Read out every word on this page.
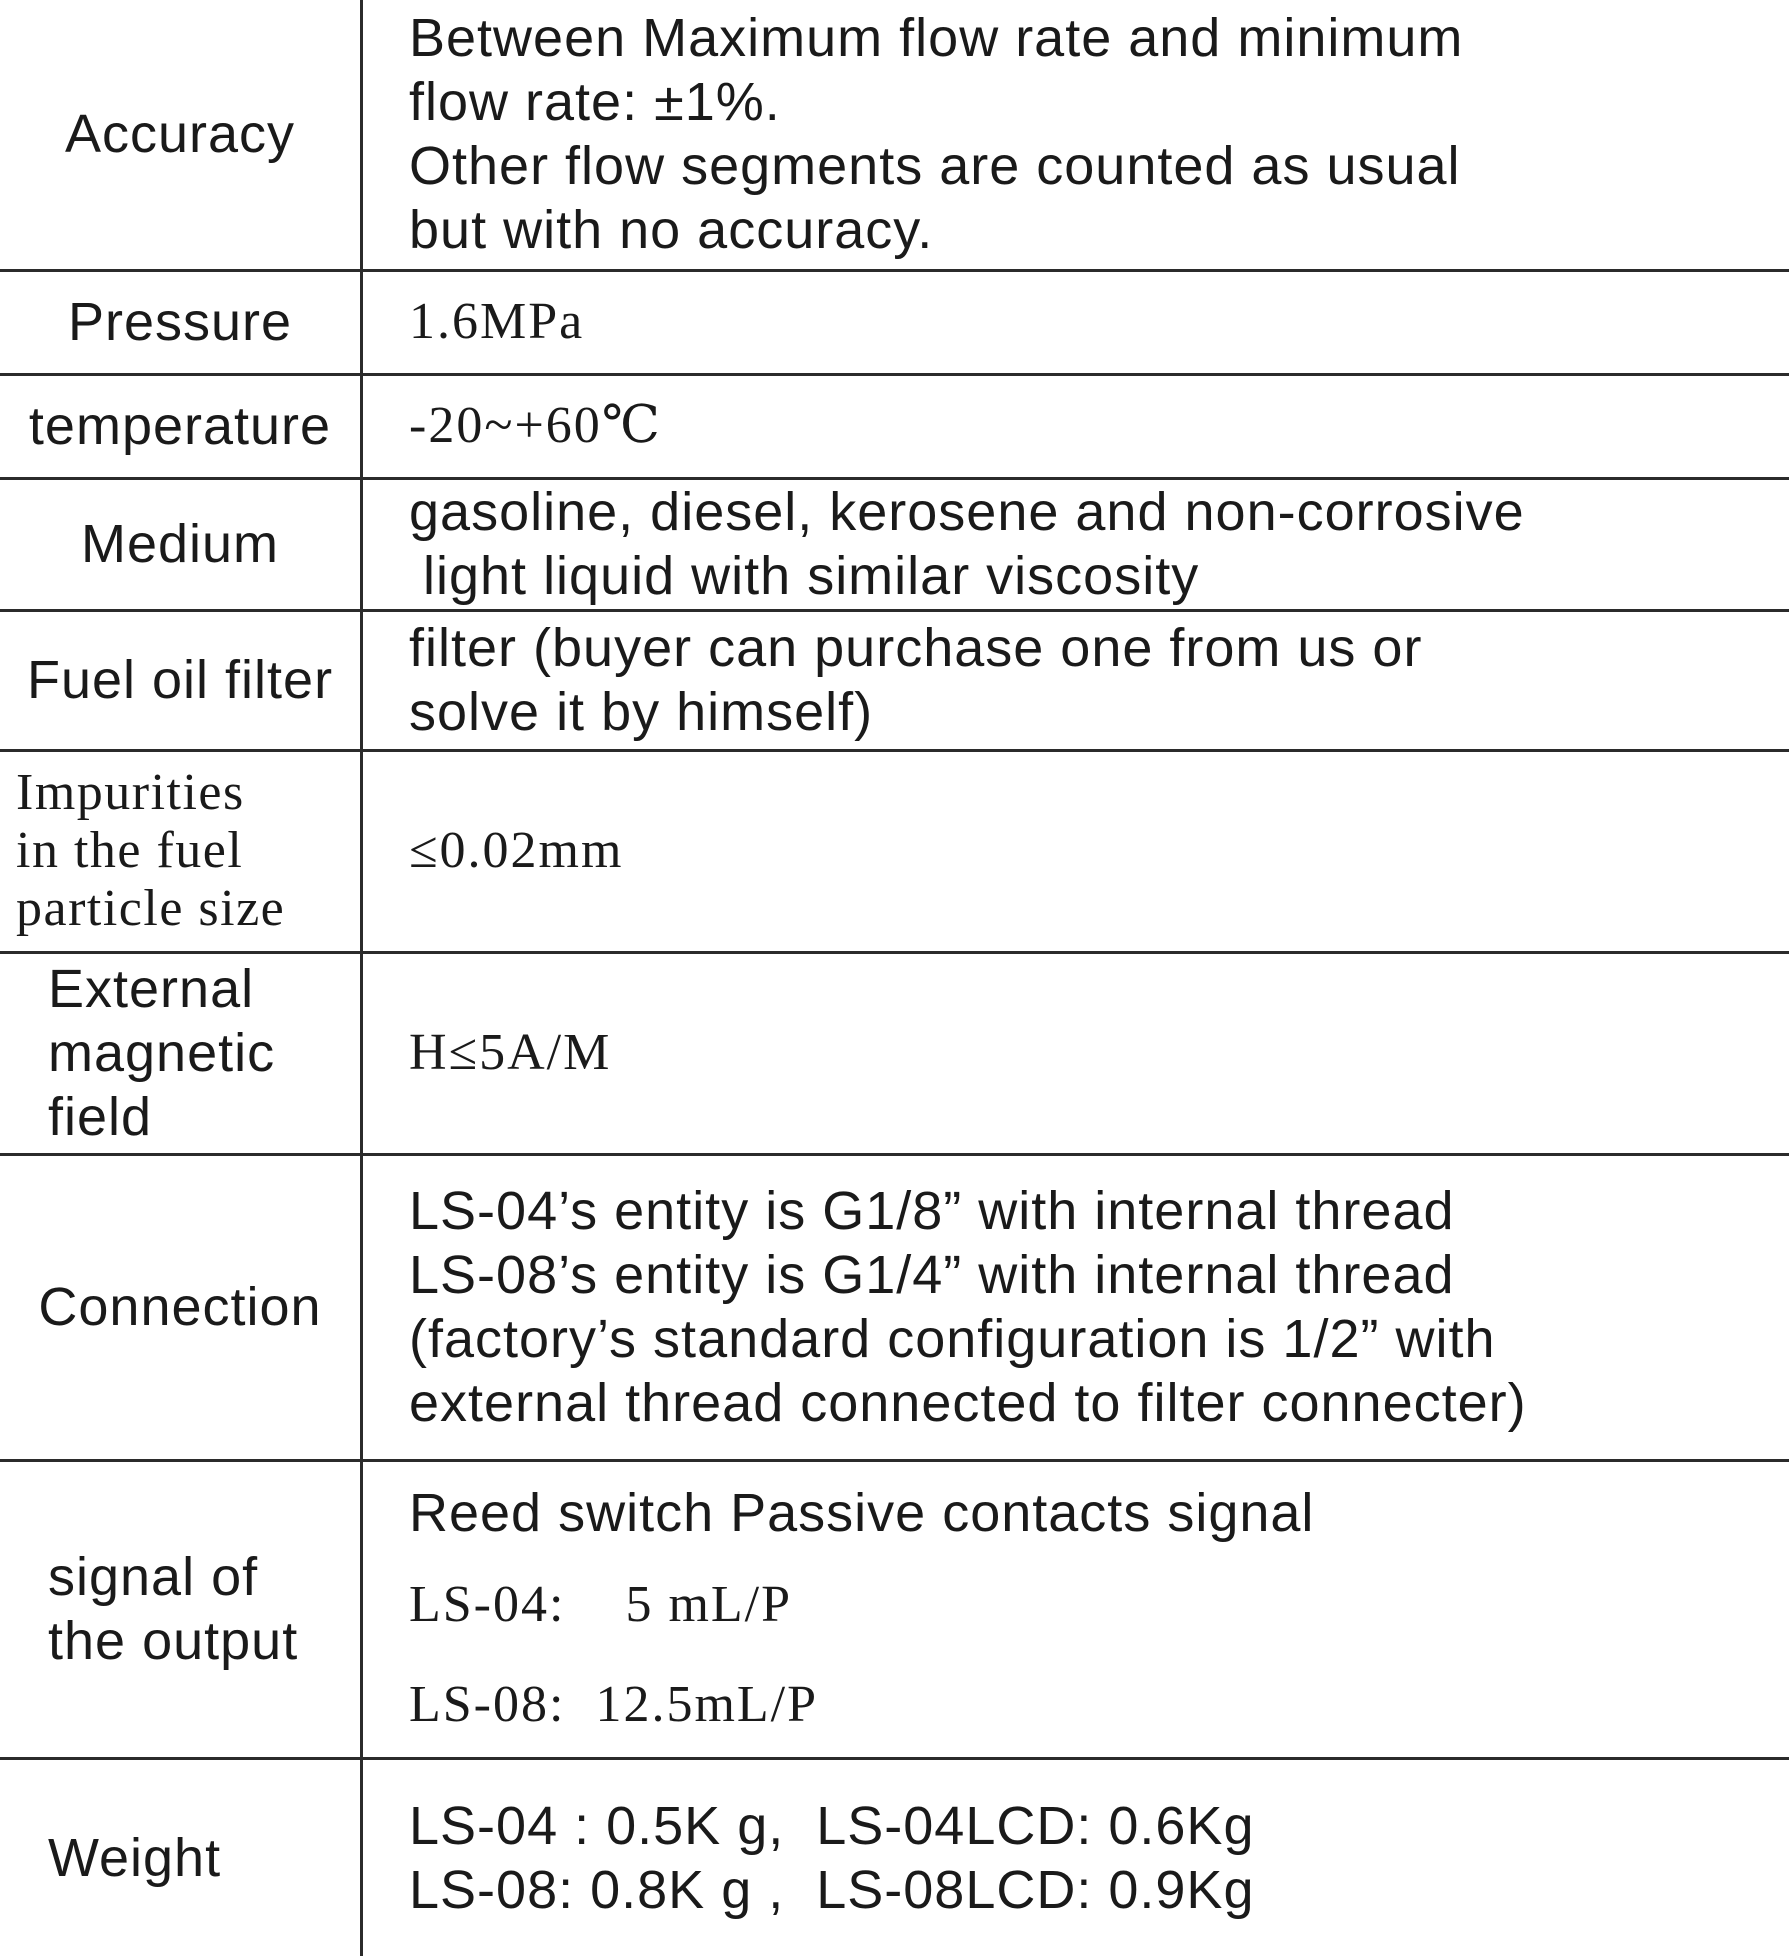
Accuracy	Between Maximum flow rate and minimum
flow rate: ±1%.
Other flow segments are counted as usual
but with no accuracy.

Pressure	1.6MPa

temperature	-20~+60℃

Medium	gasoline, diesel, kerosene and non-corrosive
light liquid with similar viscosity

Fuel oil filter	filter (buyer can purchase one from us or
solve it by himself)

Impurities
in the fuel
particle size	≤0.02mm

External
magnetic
field	H≤5A/M

Connection	LS-04’s entity is G1/8” with internal thread
LS-08’s entity is G1/4” with internal thread
(factory’s standard configuration is 1/2” with
external thread connected to filter connecter)

signal of
the output	Reed switch Passive contacts signal
LS-04:    5 mL/P
LS-08:  12.5mL/P

Weight	LS-04 : 0.5K g,  LS-04LCD: 0.6Kg
LS-08: 0.8K g ,  LS-08LCD: 0.9Kg
